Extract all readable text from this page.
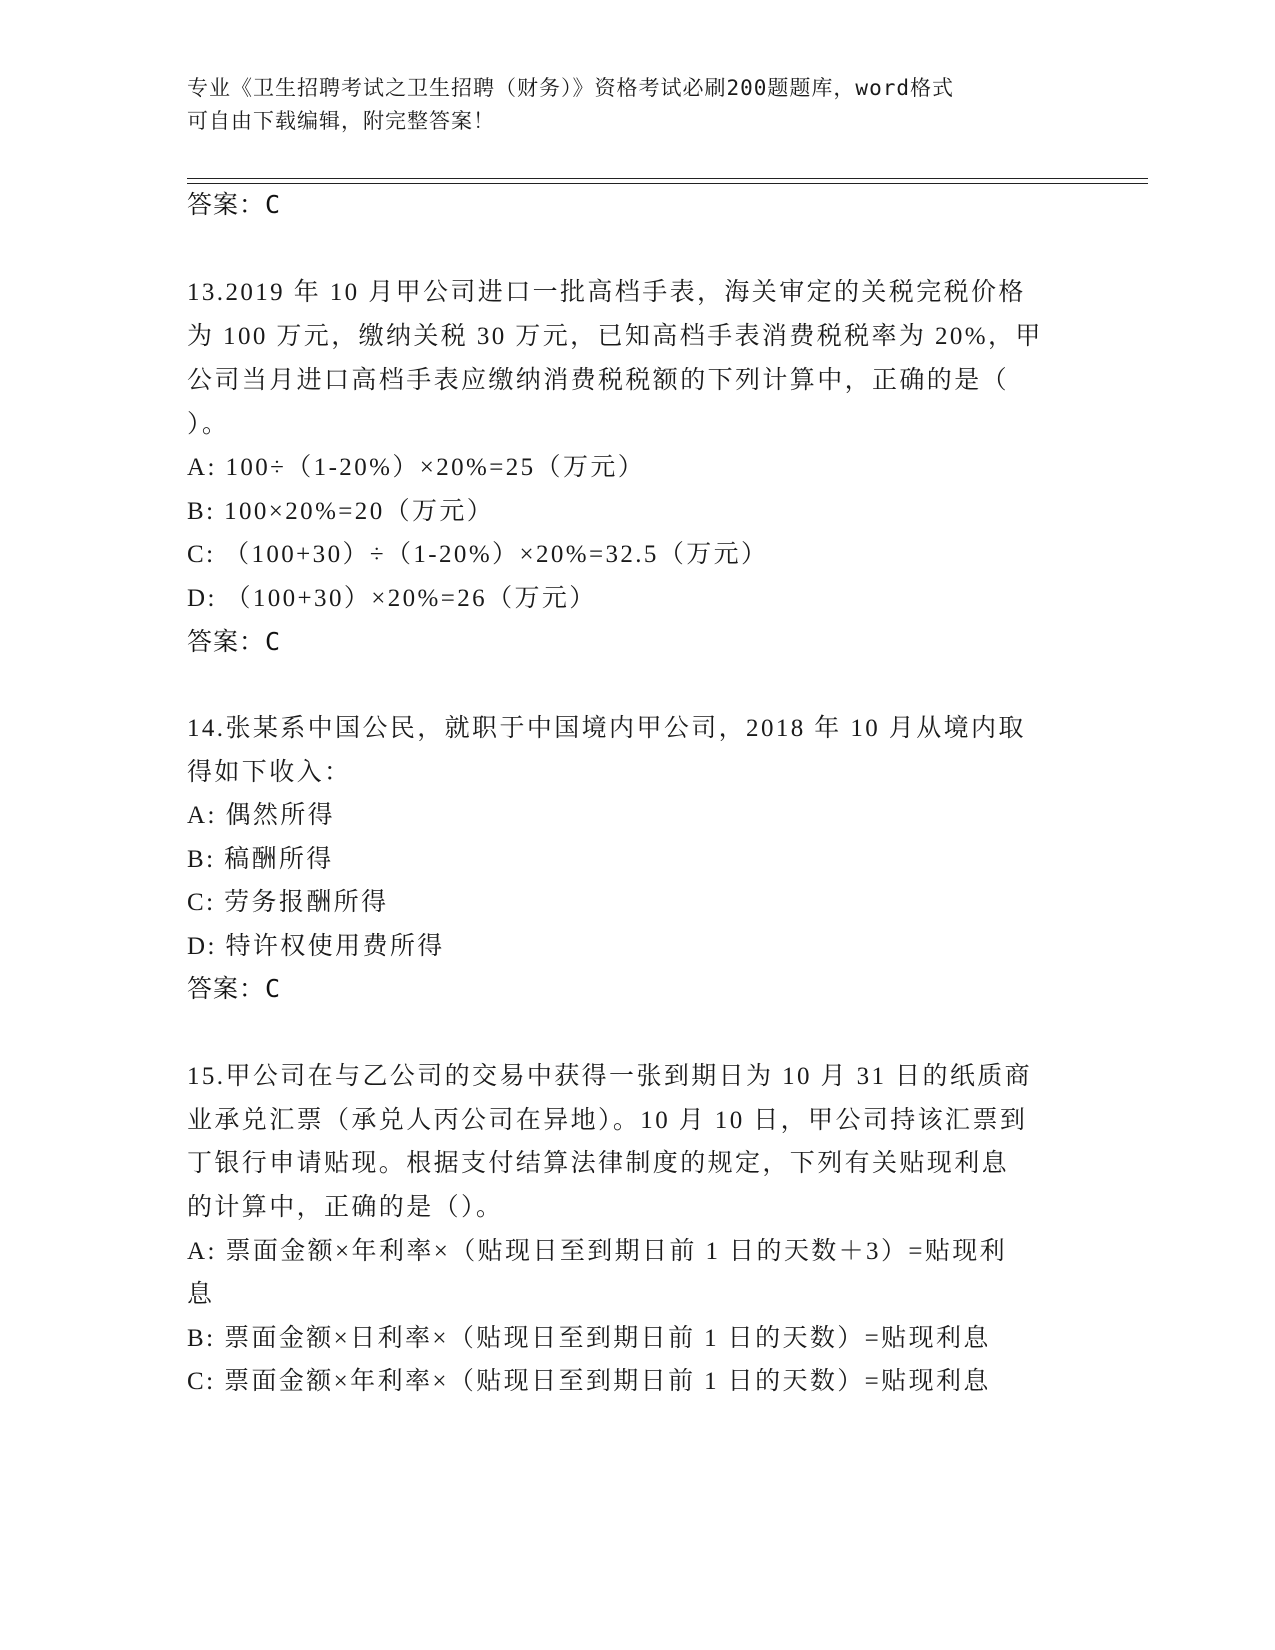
专业《卫生招聘考试之卫生招聘（财务）》资格考试必刷200题题库，word格式
可自由下载编辑，附完整答案！
答案：C
13.2019 年 10 月甲公司进口一批高档手表，海关审定的关税完税价格
为 100 万元，缴纳关税 30 万元，已知高档手表消费税税率为 20%，甲
公司当月进口高档手表应缴纳消费税税额的下列计算中，正确的是（
）。
A: 100÷（1-20%）×20%=25（万元）
B: 100×20%=20（万元）
C: （100+30）÷（1-20%）×20%=32.5（万元）
D: （100+30）×20%=26（万元）
答案：C
14.张某系中国公民，就职于中国境内甲公司，2018 年 10 月从境内取
得如下收入：
A: 偶然所得
B: 稿酬所得
C: 劳务报酬所得
D: 特许权使用费所得
答案：C
15.甲公司在与乙公司的交易中获得一张到期日为 10 月 31 日的纸质商
业承兑汇票（承兑人丙公司在异地）。10 月 10 日，甲公司持该汇票到
丁银行申请贴现。根据支付结算法律制度的规定，下列有关贴现利息
的计算中，正确的是（）。
A: 票面金额×年利率×（贴现日至到期日前 1 日的天数＋3）=贴现利
息
B: 票面金额×日利率×（贴现日至到期日前 1 日的天数）=贴现利息
C: 票面金额×年利率×（贴现日至到期日前 1 日的天数）=贴现利息
